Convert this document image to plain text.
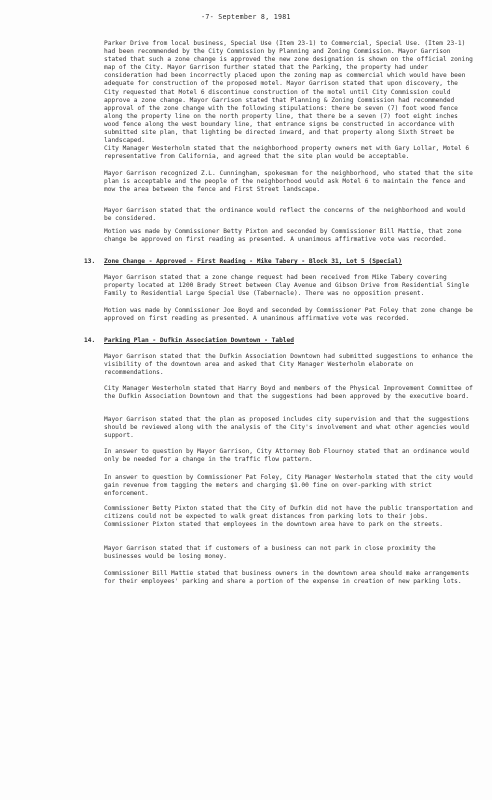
-7- September 8, 1981

Parker Drive from local business, Special Use (Item 23-1) to Commercial, Special Use. (Item 23-1) had been recommended by the City Commission by Planning and Zoning Commission. Mayor Garrison stated that such a zone change is approved the new zone designation is shown on the official zoning map of the City. Mayor Garrison further stated that the Parking, the property had under consideration had been incorrectly placed upon the zoning map as commercial which would have been adequate for construction of the proposed motel. Mayor Garrison stated that upon discovery, the City requested that Motel 6 discontinue construction of the motel until City Commission could approve a zone change. Mayor Garrison stated that Planning & Zoning Commission had recommended approval of the zone change with the following stipulations: there be seven (7) foot wood fence along the property line on the north property line, that there be a seven (7) foot eight inches wood fence along the west boundary line, that entrance signs be constructed in accordance with submitted site plan, that lighting be directed inward, and that property along Sixth Street be landscaped.

City Manager Westerholm stated that the neighborhood property owners met with Gary Lollar, Motel 6 representative from California, and agreed that the site plan would be acceptable.

Mayor Garrison recognized Z.L. Cunningham, spokesman for the neighborhood, who stated that the site plan is acceptable and the people of the neighborhood would ask Motel 6 to maintain the fence and mow the area between the fence and First Street landscape.

Mayor Garrison stated that the ordinance would reflect the concerns of the neighborhood and would be considered.

Motion was made by Commissioner Betty Pixton and seconded by Commissioner Bill Mattie, that zone change be approved on first reading as presented. A unanimous affirmative vote was recorded.

13. Zone Change - Approved - First Reading - Mike Tabery - Block 31, Lot 5 (Special)

Mayor Garrison stated that a zone change request had been received from Mike Tabery covering property located at 1200 Brady Street between Clay Avenue and Gibson Drive from Residential Single Family to Residential Large Special Use (Tabernacle). There was no opposition present.

Motion was made by Commissioner Joe Boyd and seconded by Commissioner Pat Foley that zone change be approved on first reading as presented. A unanimous affirmative vote was recorded.

14. Parking Plan - Dufkin Association Downtown - Tabled

Mayor Garrison stated that the Dufkin Association Downtown had submitted suggestions to enhance the visibility of the downtown area and asked that City Manager Westerholm elaborate on recommendations.

City Manager Westerholm stated that Harry Boyd and members of the Physical Improvement Committee of the Dufkin Association Downtown and that the suggestions had been approved by the executive board.

Mayor Garrison stated that the plan as proposed includes city supervision and that the suggestions should be reviewed along with the analysis of the City's involvement and what other agencies would support.

In answer to question by Mayor Garrison, City Attorney Bob Flournoy stated that an ordinance would only be needed for a change in the traffic flow pattern.

In answer to question by Commissioner Pat Foley, City Manager Westerholm stated that the city would gain revenue from tagging the meters and charging $1.00 fine on over-parking with strict enforcement.

Commissioner Betty Pixton stated that the City of Dufkin did not have the public transportation and citizens could not be expected to walk great distances from parking lots to their jobs. Commissioner Pixton stated that employees in the downtown area have to park on the streets.

Mayor Garrison stated that if customers of a business can not park in close proximity the businesses would be losing money.

Commissioner Bill Mattie stated that business owners in the downtown area should make arrangements for their employees' parking and share a portion of the expense in creation of new parking lots.
